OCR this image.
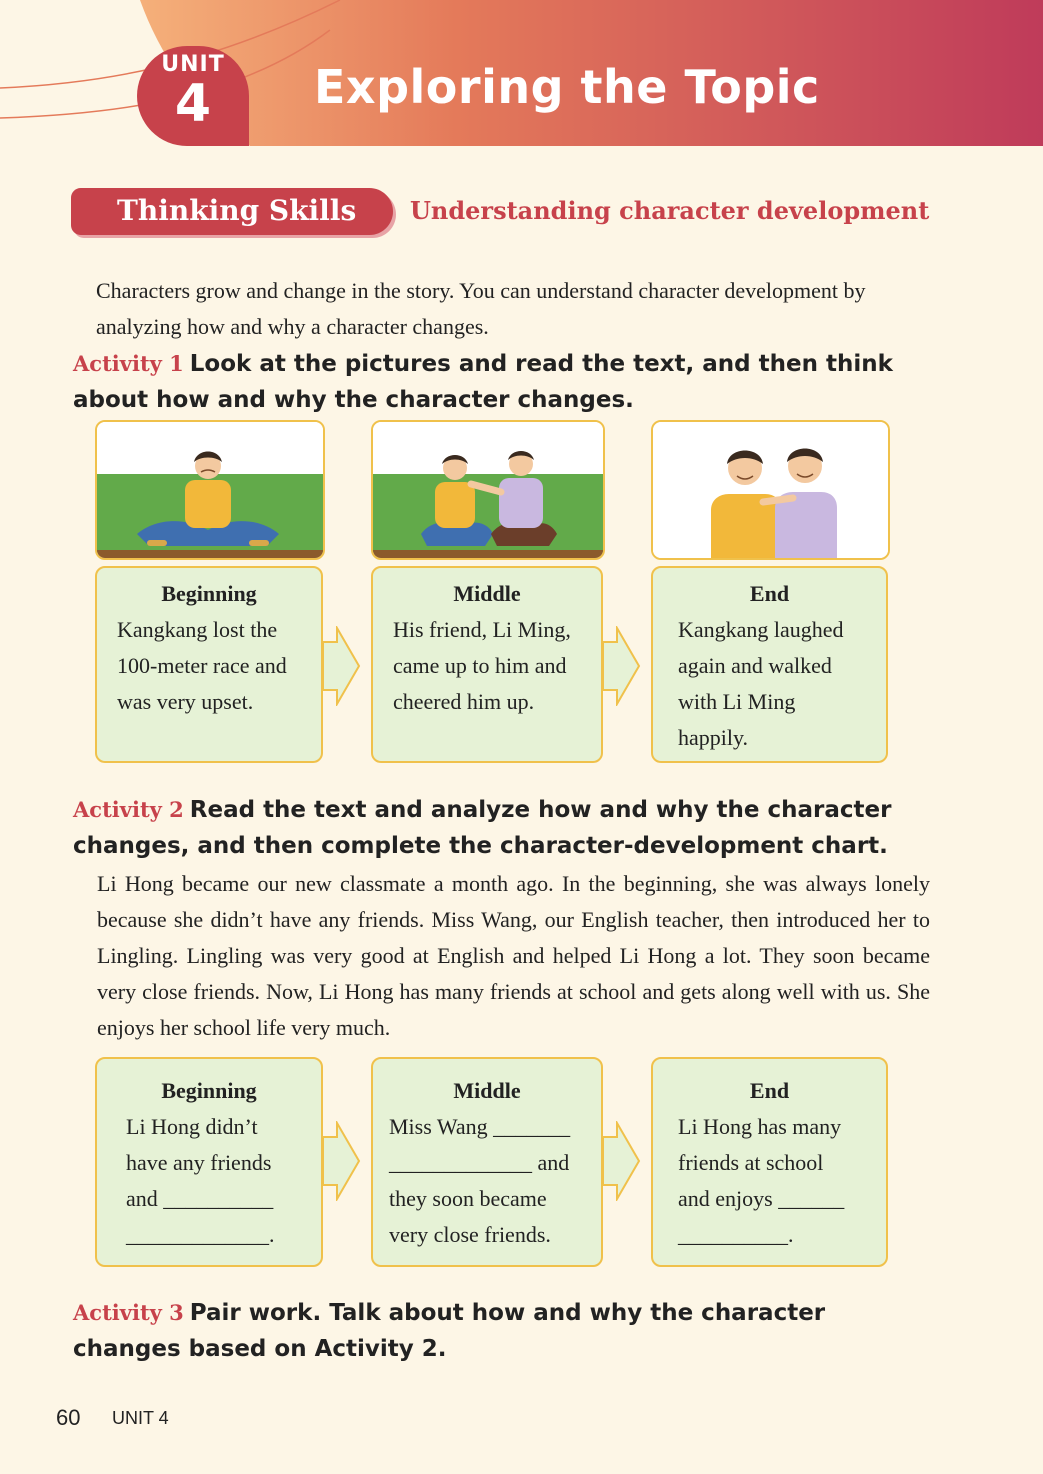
UNIT
4	Exploring the Topic
Thinking Skills Understanding character development
Characters grow and change in the story. You can understand character development by analyzing how and why a character changes.
Activity 1 Look at the pictures and read the text, and then think about how and why the character changes.
Beginning
Kangkang lost the
100-meter race and
was very upset.
Middle
His friend, Li Ming,
came up to him and
cheered him up.
End
Kangkang laughed
again and walked
with Li Ming
happily.
Activity 2 Read the text and analyze how and why the character changes, and then complete the character-development chart.
Li Hong became our new classmate a month ago. In the beginning, she was always lonely because she didn’t have any friends. Miss Wang, our English teacher, then introduced her to Lingling. Lingling was very good at English and helped Li Hong a lot. They soon became very close friends. Now, Li Hong has many friends at school and gets along well with us. She enjoys her school life very much.
Beginning
Li Hong didn’t
have any friends
and __________
_____________.
Middle
Miss Wang _______
_____________ and
they soon became
very close friends.
End
Li Hong has many
friends at school
and enjoys ______
__________.
Activity 3 Pair work. Talk about how and why the character changes based on Activity 2.
60 UNIT 4
